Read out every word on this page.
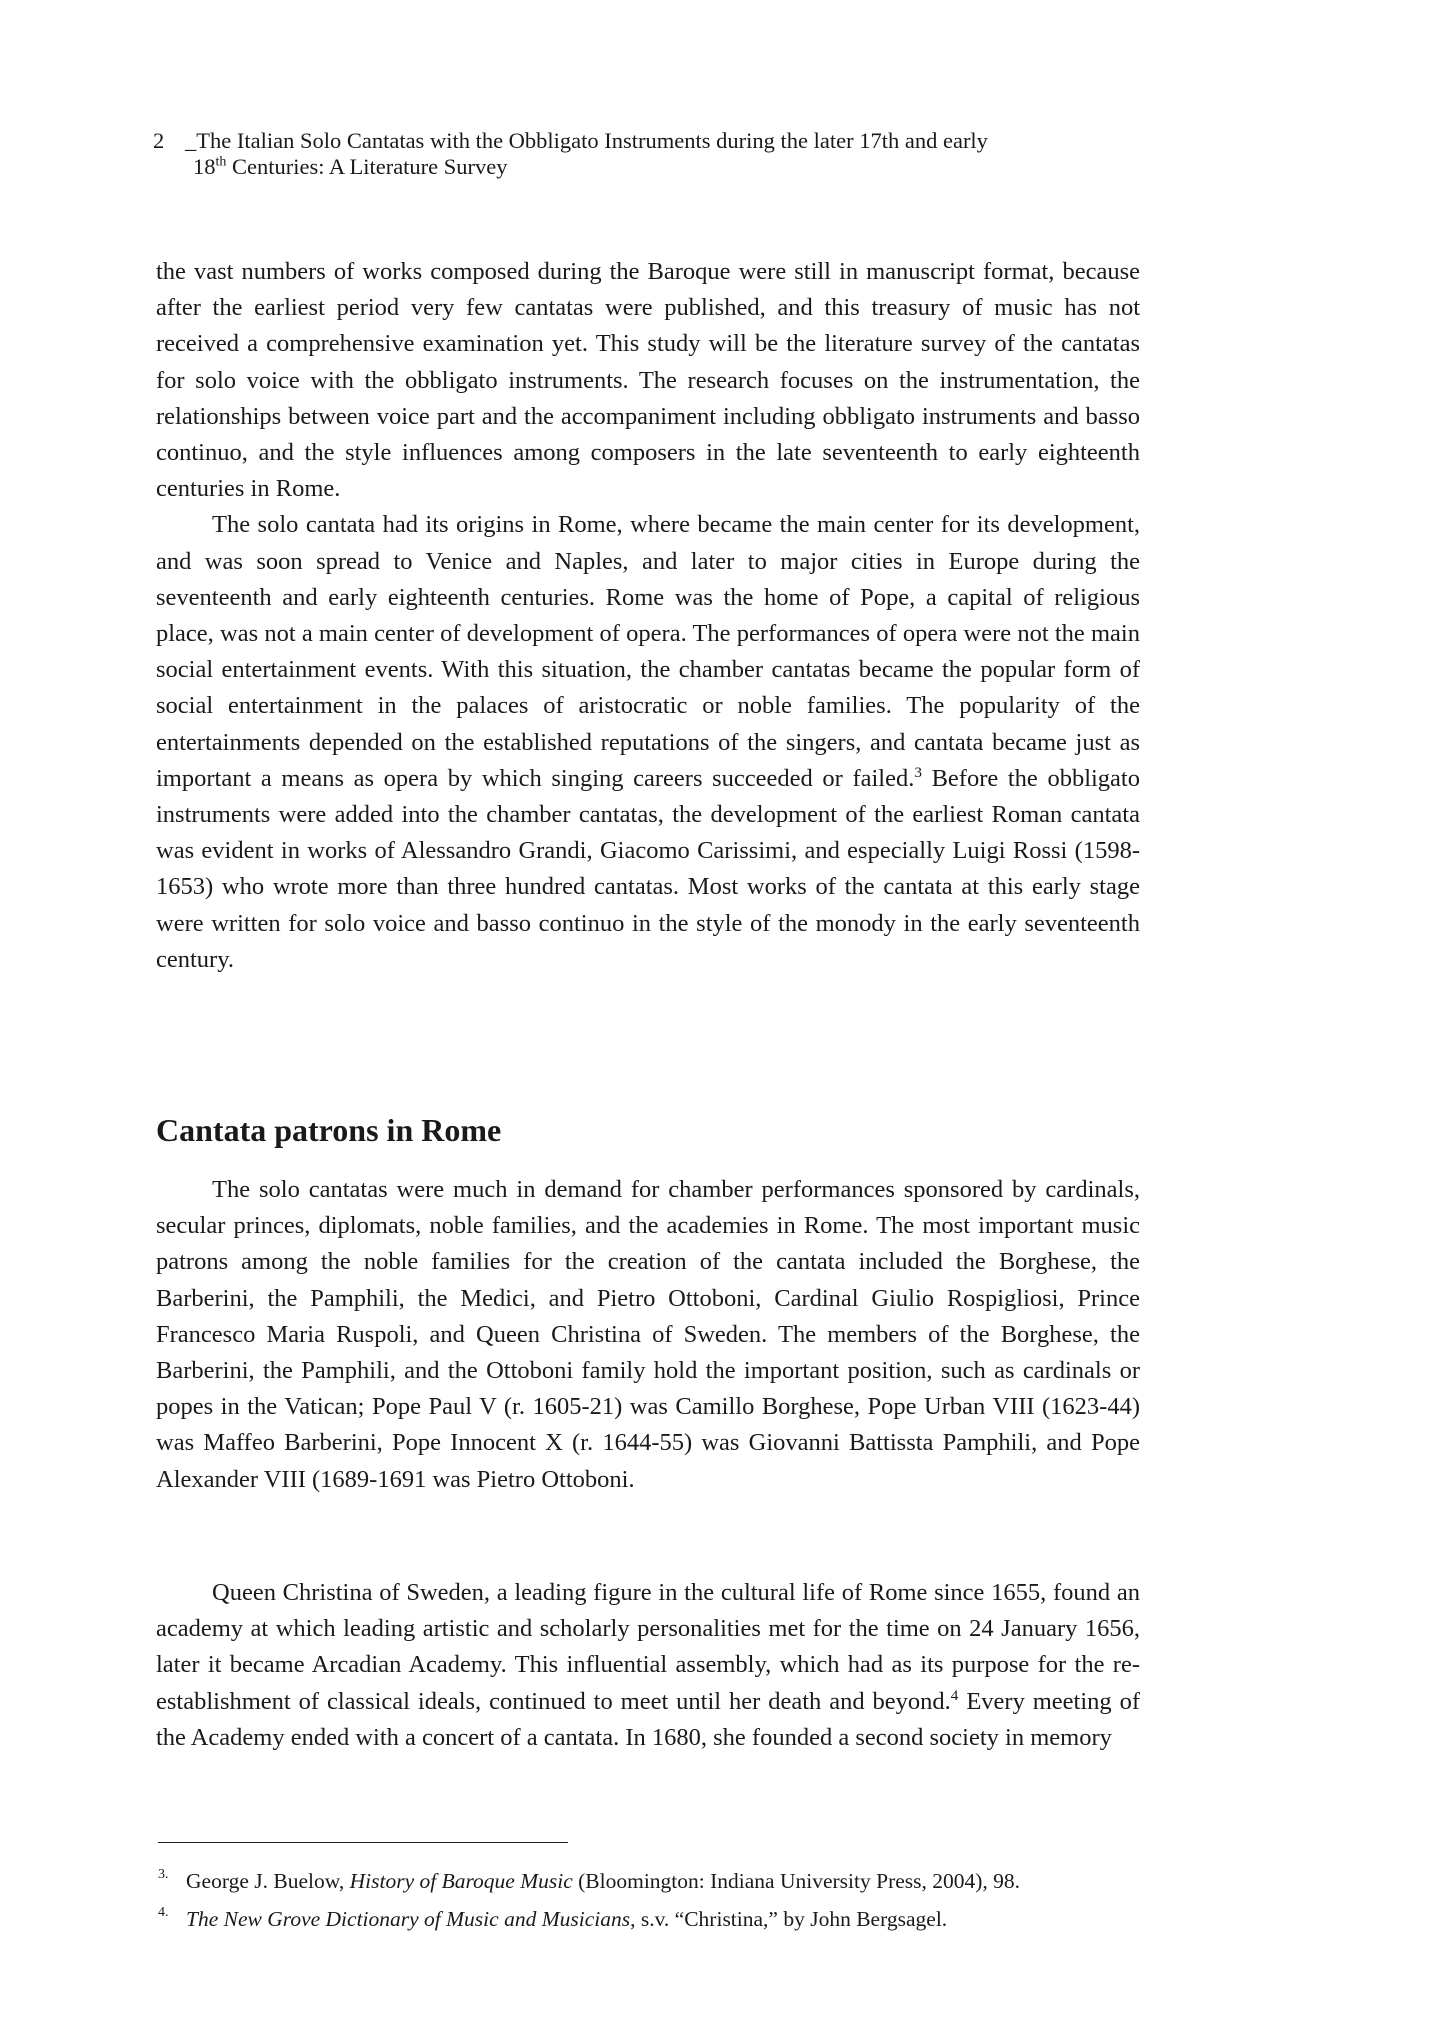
2 _The Italian Solo Cantatas with the Obbligato Instruments during the later 17th and early
18th Centuries: A Literature Survey

the vast numbers of works composed during the Baroque were still in manuscript format, because after the earliest period very few cantatas were published, and this treasury of music has not received a comprehensive examination yet. This study will be the literature survey of the cantatas for solo voice with the obbligato instruments. The research focuses on the instrumentation, the relationships between voice part and the accompaniment including obbligato instruments and basso continuo, and the style influences among composers in the late seventeenth to early eighteenth centuries in Rome.

The solo cantata had its origins in Rome, where became the main center for its development, and was soon spread to Venice and Naples, and later to major cities in Europe during the seventeenth and early eighteenth centuries. Rome was the home of Pope, a capital of religious place, was not a main center of development of opera. The performances of opera were not the main social entertainment events. With this situation, the chamber cantatas became the popular form of social entertainment in the palaces of aristocratic or noble families. The popularity of the entertainments depended on the established reputations of the singers, and cantata became just as important a means as opera by which singing careers succeeded or failed.$^3$ Before the obbligato instruments were added into the chamber cantatas, the development of the earliest Roman cantata was evident in works of Alessandro Grandi, Giacomo Carissimi, and especially Luigi Rossi (1598-1653) who wrote more than three hundred cantatas. Most works of the cantata at this early stage were written for solo voice and basso continuo in the style of the monody in the early seventeenth century.

Cantata patrons in Rome

The solo cantatas were much in demand for chamber performances sponsored by cardinals, secular princes, diplomats, noble families, and the academies in Rome. The most important music patrons among the noble families for the creation of the cantata included the Borghese, the Barberini, the Pamphili, the Medici, and Pietro Ottoboni, Cardinal Giulio Rospigliosi, Prince Francesco Maria Ruspoli, and Queen Christina of Sweden. The members of the Borghese, the Barberini, the Pamphili, and the Ottoboni family hold the important position, such as cardinals or popes in the Vatican; Pope Paul V (r. 1605-21) was Camillo Borghese, Pope Urban VIII (1623-44) was Maffeo Barberini, Pope Innocent X (r. 1644-55) was Giovanni Battissta Pamphili, and Pope Alexander VIII (1689-1691 was Pietro Ottoboni.

Queen Christina of Sweden, a leading figure in the cultural life of Rome since 1655, found an academy at which leading artistic and scholarly personalities met for the time on 24 January 1656, later it became Arcadian Academy. This influential assembly, which had as its purpose for the re-establishment of classical ideals, continued to meet until her death and beyond.$^4$ Every meeting of the Academy ended with a concert of a cantata. In 1680, she founded a second society in memory

3. George J. Buelow, History of Baroque Music (Bloomington: Indiana University Press, 2004), 98.
4. The New Grove Dictionary of Music and Musicians, s.v. “Christina,” by John Bergsagel.
